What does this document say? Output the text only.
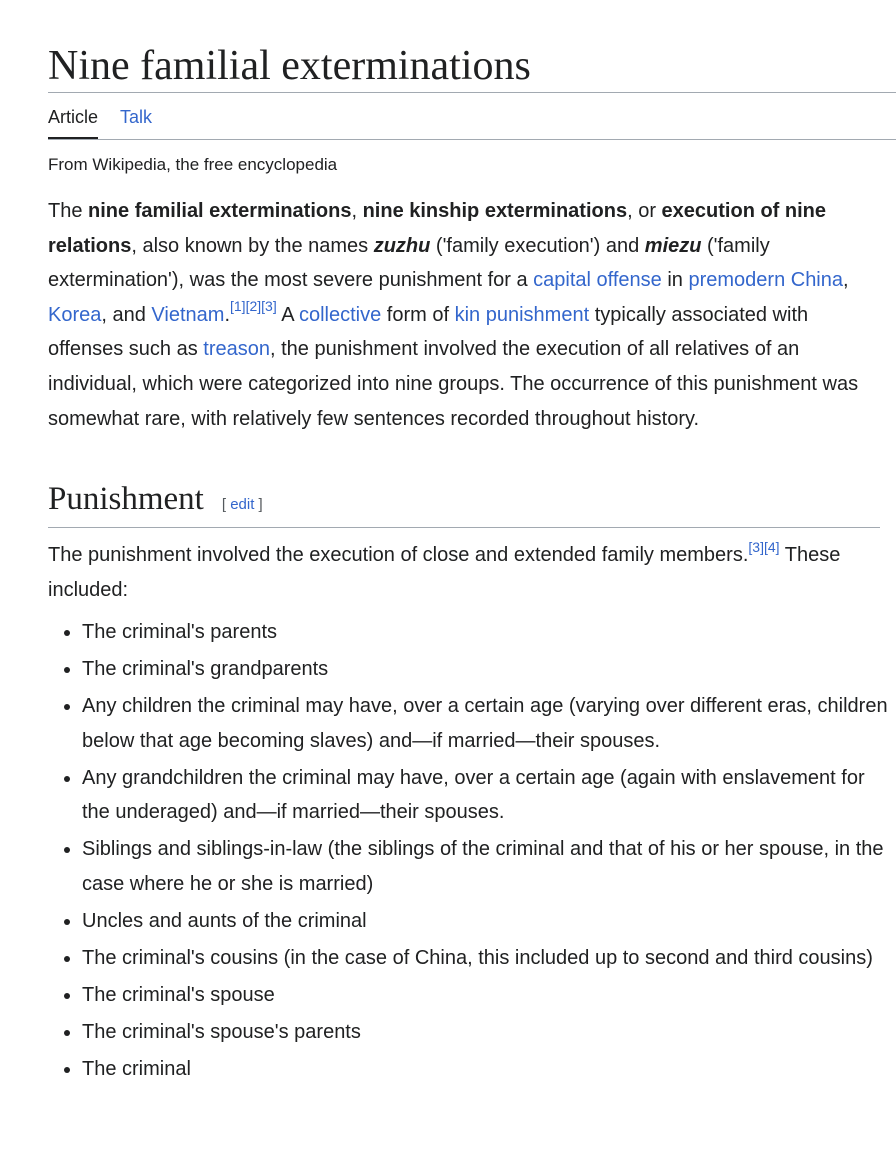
Nine familial exterminations
Article Talk
From Wikipedia, the free encyclopedia

The nine familial exterminations, nine kinship exterminations, or execution of nine relations, also known by the names zuzhu ('family execution') and miezu ('family extermination'), was the most severe punishment for a capital offense in premodern China, Korea, and Vietnam.[1][2][3] A collective form of kin punishment typically associated with offenses such as treason, the punishment involved the execution of all relatives of an individual, which were categorized into nine groups. The occurrence of this punishment was somewhat rare, with relatively few sentences recorded throughout history.

Punishment [ edit ]

The punishment involved the execution of close and extended family members.[3][4] These included:

• The criminal's parents
• The criminal's grandparents
• Any children the criminal may have, over a certain age (varying over different eras, children below that age becoming slaves) and—if married—their spouses.
• Any grandchildren the criminal may have, over a certain age (again with enslavement for the underaged) and—if married—their spouses.
• Siblings and siblings-in-law (the siblings of the criminal and that of his or her spouse, in the case where he or she is married)
• Uncles and aunts of the criminal
• The criminal's cousins (in the case of China, this included up to second and third cousins)
• The criminal's spouse
• The criminal's spouse's parents
• The criminal
